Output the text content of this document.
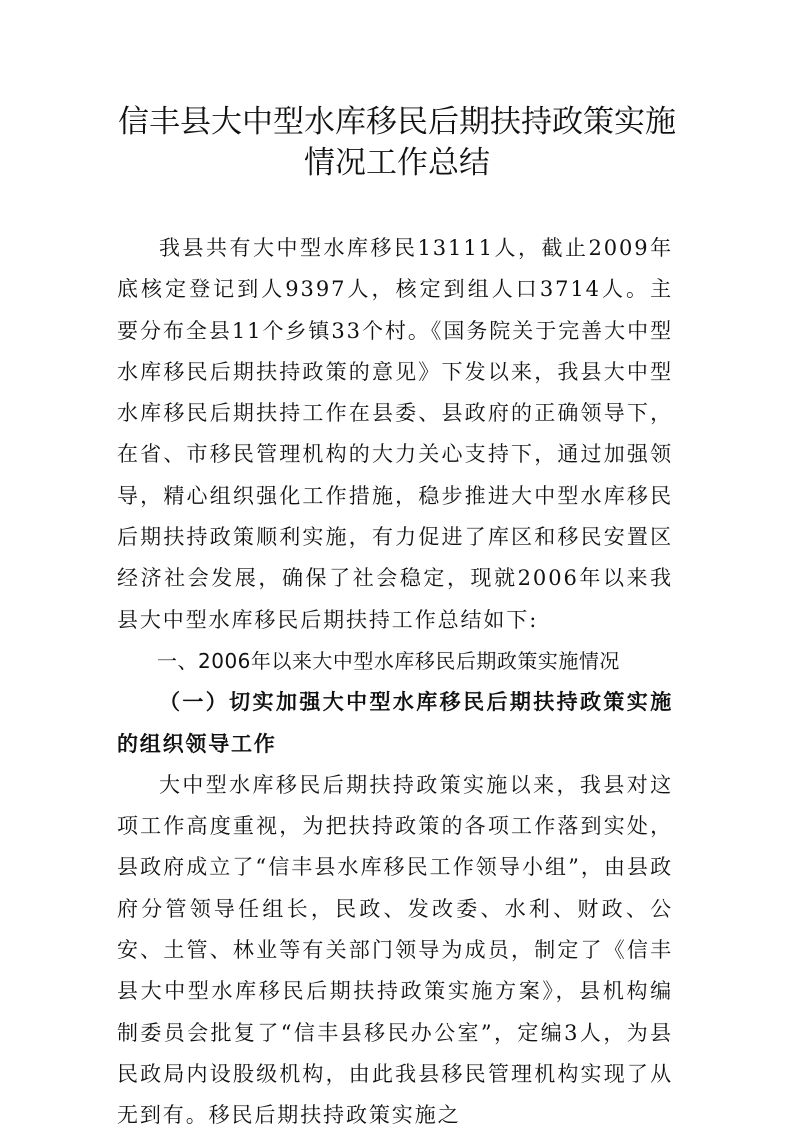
信丰县大中型水库移民后期扶持政策实施
情况工作总结

我县共有大中型水库移民13111人，截止2009年底核定登记到人9397人，核定到组人口3714人。主要分布全县11个乡镇33个村。《国务院关于完善大中型水库移民后期扶持政策的意见》下发以来，我县大中型水库移民后期扶持工作在县委、县政府的正确领导下，在省、市移民管理机构的大力关心支持下，通过加强领导，精心组织强化工作措施，稳步推进大中型水库移民后期扶持政策顺利实施，有力促进了库区和移民安置区经济社会发展，确保了社会稳定，现就2006年以来我县大中型水库移民后期扶持工作总结如下:

一、2006年以来大中型水库移民后期政策实施情况

（一）切实加强大中型水库移民后期扶持政策实施的组织领导工作

大中型水库移民后期扶持政策实施以来，我县对这项工作高度重视，为把扶持政策的各项工作落到实处，县政府成立了“信丰县水库移民工作领导小组”，由县政府分管领导任组长，民政、发改委、水利、财政、公安、土管、林业等有关部门领导为成员，制定了《信丰县大中型水库移民后期扶持政策实施方案》，县机构编制委员会批复了“信丰县移民办公室”，定编3人，为县民政局内设股级机构，由此我县移民管理机构实现了从无到有。移民后期扶持政策实施之
